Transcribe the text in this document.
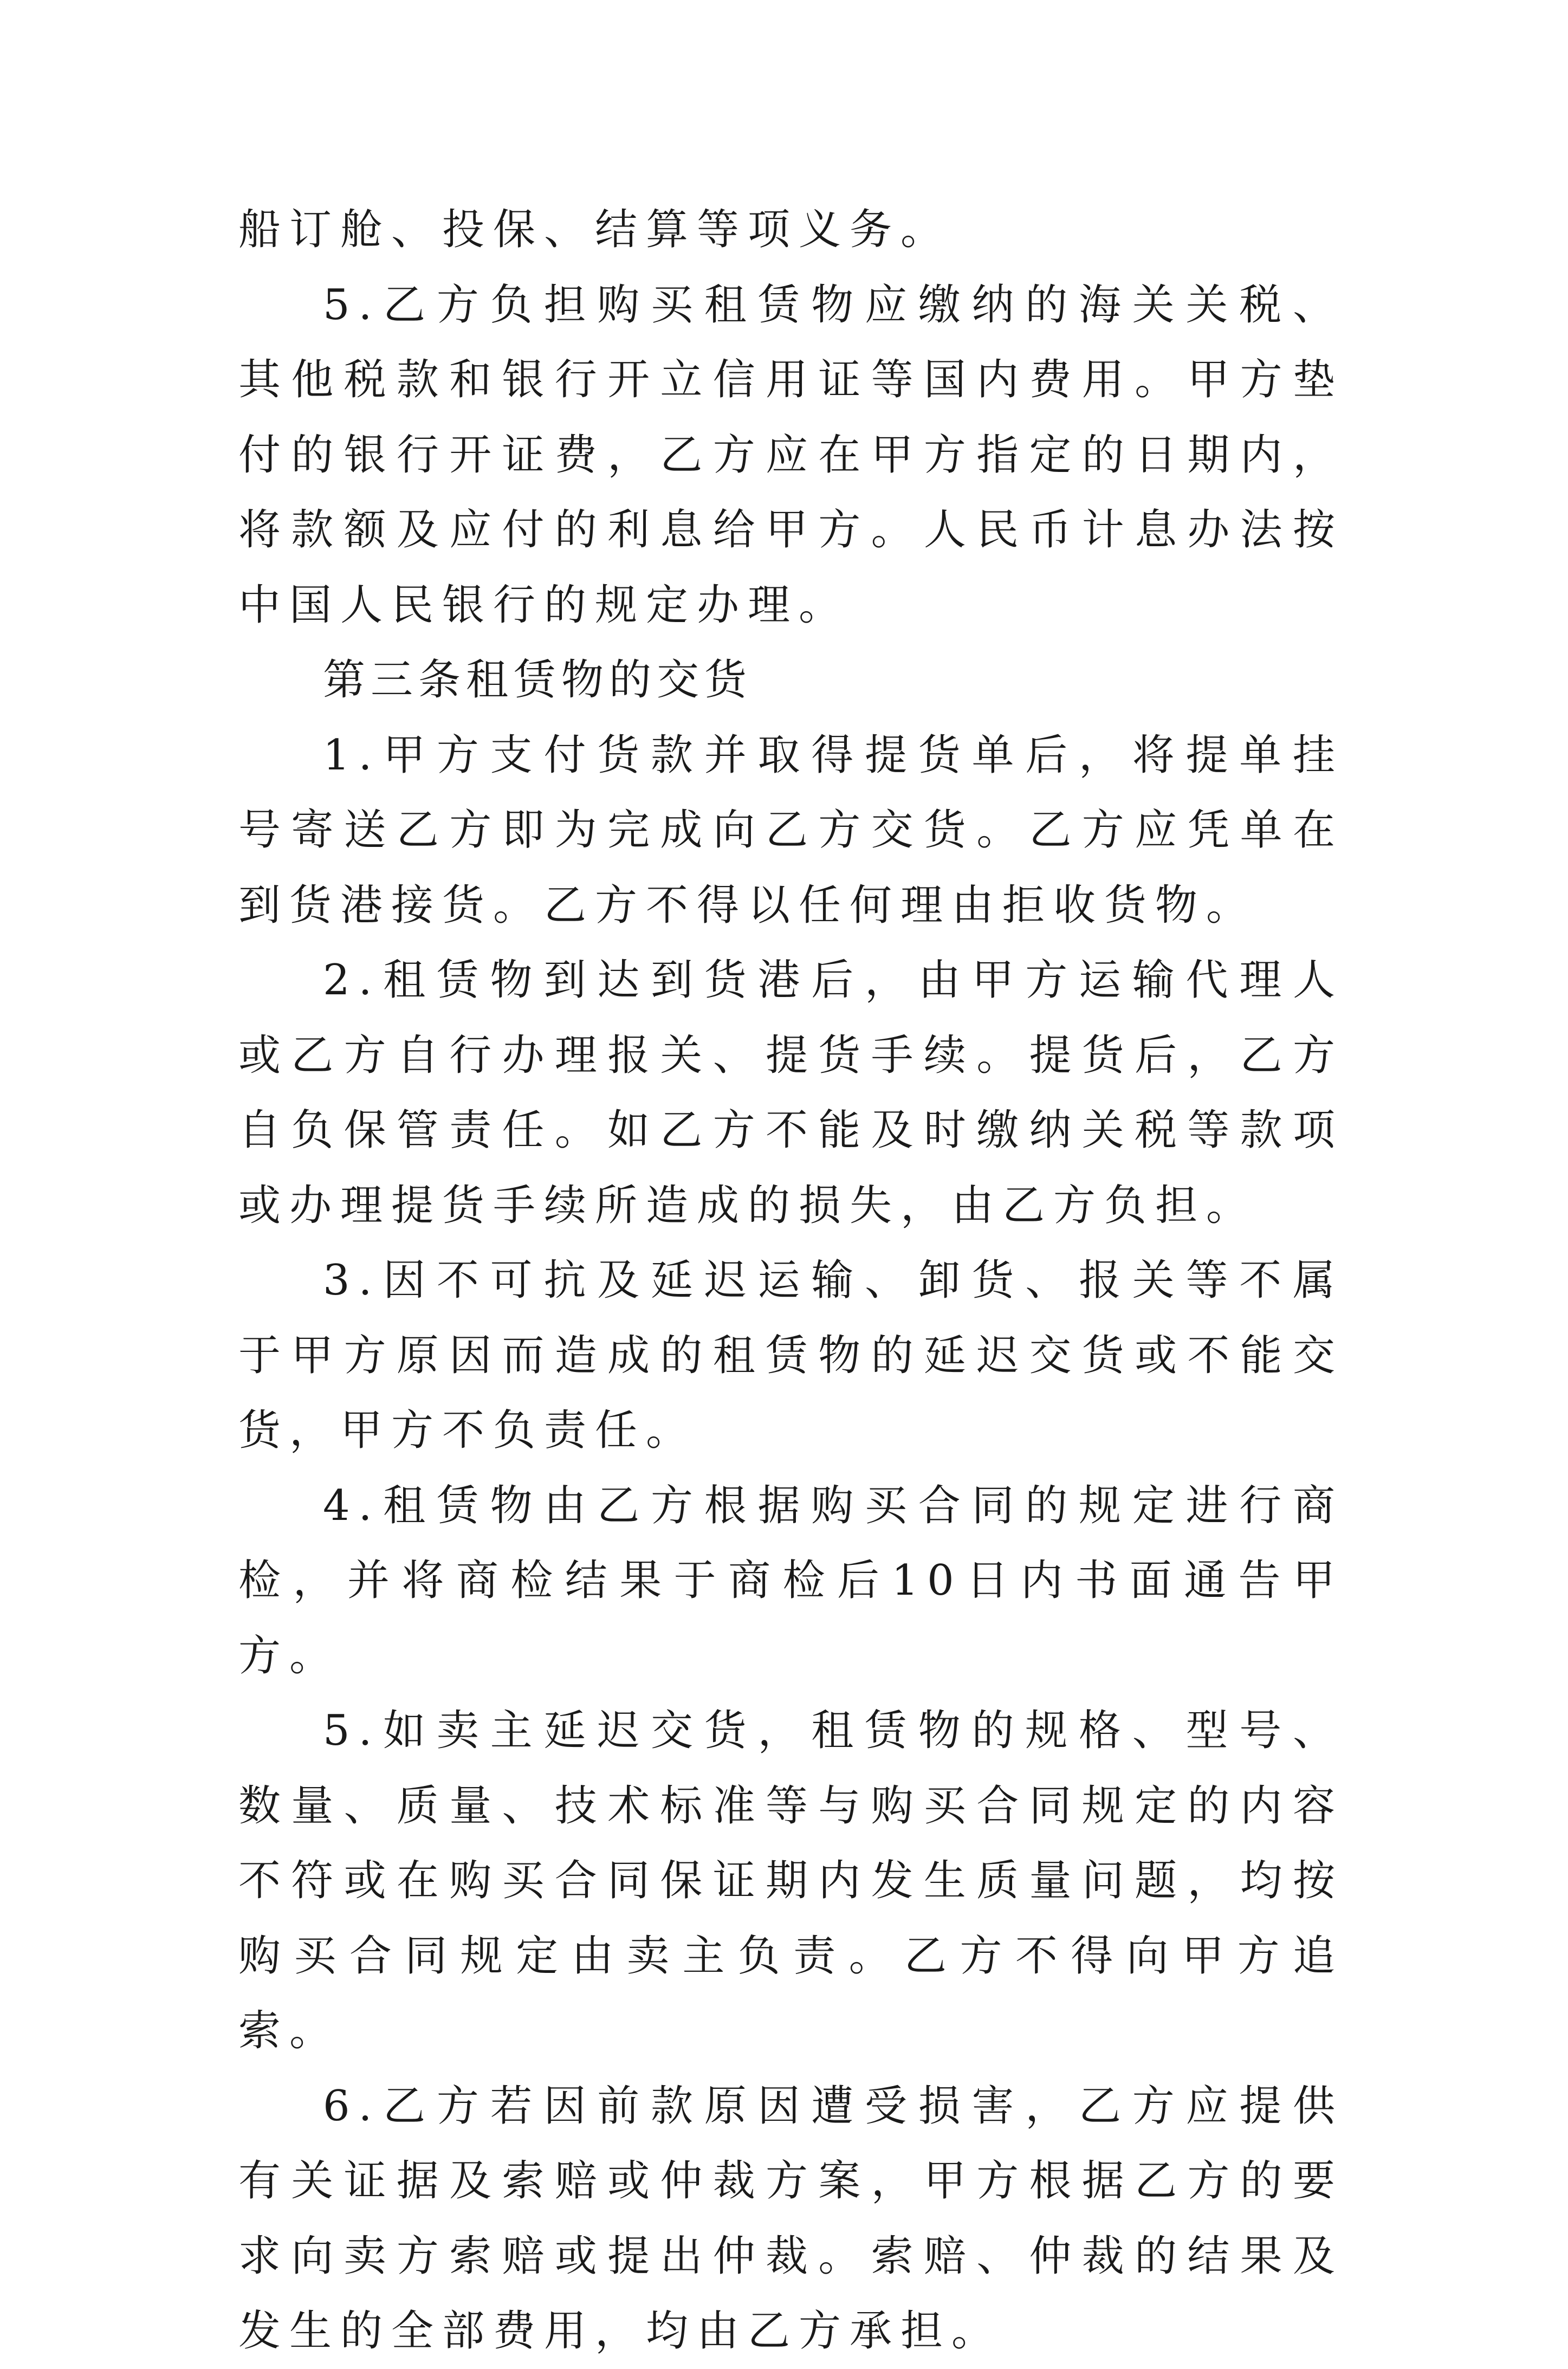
船订舱、投保、结算等项义务。

5.乙方负担购买租赁物应缴纳的海关关税、其他税款和银行开立信用证等国内费用。甲方垫付的银行开证费，乙方应在甲方指定的日期内，将款额及应付的利息给甲方。人民币计息办法按中国人民银行的规定办理。

第三条租赁物的交货

1.甲方支付货款并取得提货单后，将提单挂号寄送乙方即为完成向乙方交货。乙方应凭单在到货港接货。乙方不得以任何理由拒收货物。

2.租赁物到达到货港后，由甲方运输代理人或乙方自行办理报关、提货手续。提货后，乙方自负保管责任。如乙方不能及时缴纳关税等款项或办理提货手续所造成的损失，由乙方负担。

3.因不可抗及延迟运输、卸货、报关等不属于甲方原因而造成的租赁物的延迟交货或不能交货，甲方不负责任。

4.租赁物由乙方根据购买合同的规定进行商检，并将商检结果于商检后10日内书面通告甲方。

5.如卖主延迟交货，租赁物的规格、型号、数量、质量、技术标准等与购买合同规定的内容不符或在购买合同保证期内发生质量问题，均按购买合同规定由卖主负责。乙方不得向甲方追索。

6.乙方若因前款原因遭受损害，乙方应提供有关证据及索赔或仲裁方案，甲方根据乙方的要求向卖方索赔或提出仲裁。索赔、仲裁的结果及发生的全部费用，均由乙方承担。
